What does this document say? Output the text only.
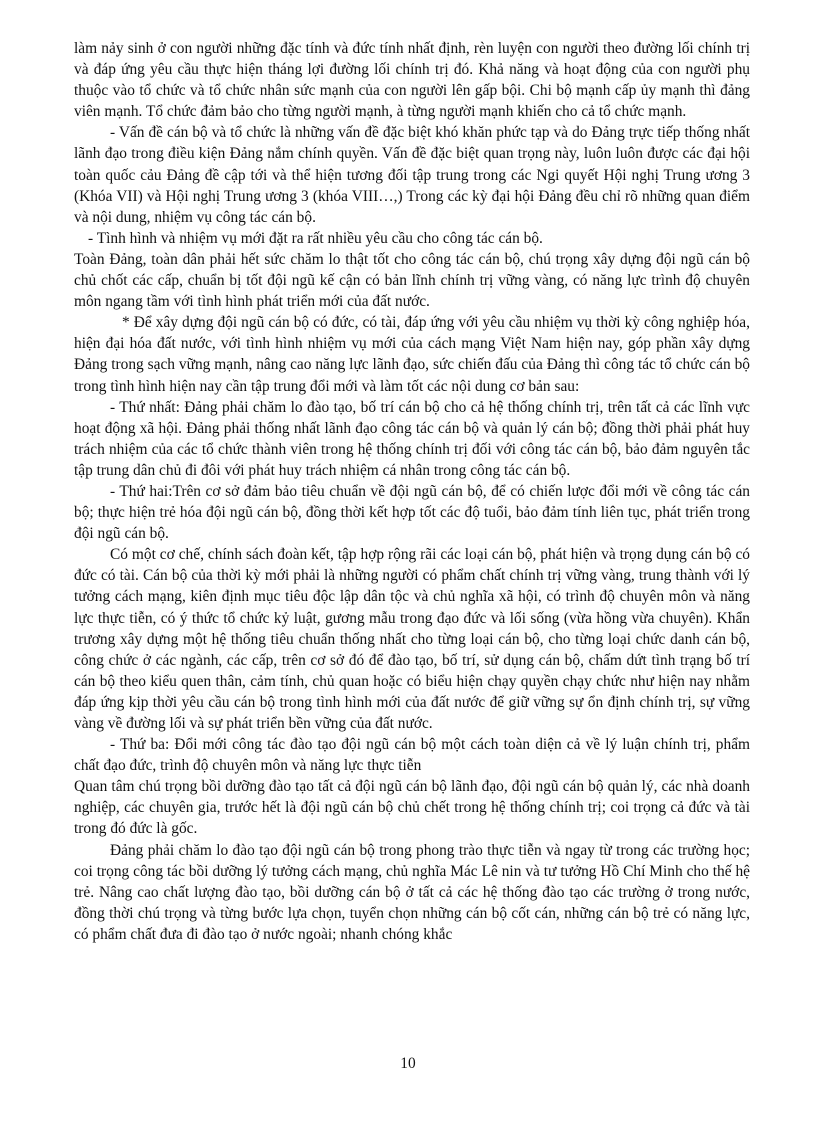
làm nảy sinh ở con người những đặc tính và đức tính nhất định, rèn luyện con người theo đường lối chính trị và đáp ứng yêu cầu thực hiện tháng lợi đường lối chính trị đó. Khả năng và hoạt động của con người phụ thuộc vào tổ chức và tổ chức nhân sức mạnh của con người lên gấp bội. Chi bộ mạnh cấp ủy mạnh thì đảng viên mạnh. Tổ chức đảm bảo cho từng người mạnh, à từng người mạnh khiến cho cả tổ chức mạnh.

- Vấn đề cán bộ và tổ chức là những vấn đề đặc biệt khó khăn phức tạp và do Đảng trực tiếp thống nhất lãnh đạo trong điều kiện Đảng nắm chính quyền. Vấn đề đặc biệt quan trọng này, luôn luôn được các đại hội toàn quốc cảu Đảng đề cập tới và thể hiện tương đối tập trung trong các Ngi quyết Hội nghị Trung ương 3 (Khóa VII) và Hội nghị Trung ương 3 (khóa VIII…,) Trong các kỳ đại hội Đảng đều chỉ rõ những quan điểm và nội dung, nhiệm vụ công tác cán bộ.

- Tình hình và nhiệm vụ mới đặt ra rất nhiều yêu cầu cho công tác cán bộ.

Toàn Đảng, toàn dân phải hết sức chăm lo thật tốt cho công tác cán bộ, chú trọng xây dựng đội ngũ cán bộ chủ chốt các cấp, chuẩn bị tốt đội ngũ kế cận có bản lĩnh chính trị vững vàng, có năng lực trình độ chuyên môn ngang tầm với tình hình phát triển mới của đất nước.

* Để xây dựng đội ngũ cán bộ có đức, có tài, đáp ứng với yêu cầu nhiệm vụ thời kỳ công nghiệp hóa, hiện đại hóa đất nước, với tình hình nhiệm vụ mới của cách mạng Việt Nam hiện nay, góp phần xây dựng Đảng trong sạch vững mạnh, nâng cao năng lực lãnh đạo, sức chiến đấu của Đảng thì công tác tổ chức cán bộ trong tình hình hiện nay cần tập trung đổi mới và làm tốt các nội dung cơ bản sau:

- Thứ nhất: Đảng phải chăm lo đào tạo, bố trí cán bộ cho cả hệ thống chính trị, trên tất cả các lĩnh vực hoạt động xã hội. Đảng phải thống nhất lãnh đạo công tác cán bộ và quản lý cán bộ; đồng thời phải phát huy trách nhiệm của các tổ chức thành viên trong hệ thống chính trị đối với công tác cán bộ, bảo đảm nguyên tắc tập trung dân chủ đi đôi với phát huy trách nhiệm cá nhân trong công tác cán bộ.

- Thứ hai:Trên cơ sở đảm bảo tiêu chuẩn về đội ngũ cán bộ, để có chiến lược đổi mới về công tác cán bộ; thực hiện trẻ hóa đội ngũ cán bộ, đồng thời kết hợp tốt các độ tuổi, bảo đảm tính liên tục, phát triển trong đội ngũ cán bộ.

Có một cơ chế, chính sách đoàn kết, tập hợp rộng rãi các loại cán bộ, phát hiện và trọng dụng cán bộ có đức có tài. Cán bộ của thời kỳ mới phải là những người có phẩm chất chính trị vững vàng, trung thành với lý tưởng cách mạng, kiên định mục tiêu độc lập dân tộc và chủ nghĩa xã hội, có trình độ chuyên môn và năng lực thực tiễn, có ý thức tổ chức kỷ luật, gương mẫu trong đạo đức và lối sống (vừa hồng vừa chuyên). Khẩn trương xây dựng một hệ thống tiêu chuẩn thống nhất cho từng loại cán bộ, cho từng loại chức danh cán bộ, công chức ở các ngành, các cấp, trên cơ sở đó để đào tạo, bố trí, sử dụng cán bộ, chấm dứt tình trạng bố trí cán bộ theo kiểu quen thân, cảm tính, chủ quan hoặc có biểu hiện chạy quyền chạy chức như hiện nay nhằm đáp ứng kịp thời yêu cầu cán bộ trong tình hình mới của đất nước để giữ vững sự ổn định chính trị, sự vững vàng về đường lối và sự phát triển bền vững của đất nước.

- Thứ ba: Đổi mới công tác đào tạo đội ngũ cán bộ một cách toàn diện cả về lý luận chính trị, phẩm chất đạo đức, trình độ chuyên môn và năng lực thực tiễn

Quan tâm chú trọng bồi dưỡng đào tạo tất cả đội ngũ cán bộ lãnh đạo, đội ngũ cán bộ quản lý, các nhà doanh nghiệp, các chuyên gia, trước hết là đội ngũ cán bộ chủ chết trong hệ thống chính trị; coi trọng cả đức và tài trong đó đức là gốc.

Đảng phải chăm lo đào tạo đội ngũ cán bộ trong phong trào thực tiễn và ngay từ trong các trường học; coi trọng công tác bồi dưỡng lý tưởng cách mạng, chủ nghĩa Mác Lê nin và tư tưởng Hồ Chí Minh cho thế hệ trẻ. Nâng cao chất lượng đào tạo, bồi dưỡng cán bộ ở tất cả các hệ thống đào tạo các trường ở trong nước, đồng thời chú trọng và từng bước lựa chọn, tuyển chọn những cán bộ cốt cán, những cán bộ trẻ có năng lực, có phẩm chất đưa đi đào tạo ở nước ngoài; nhanh chóng khắc

10
